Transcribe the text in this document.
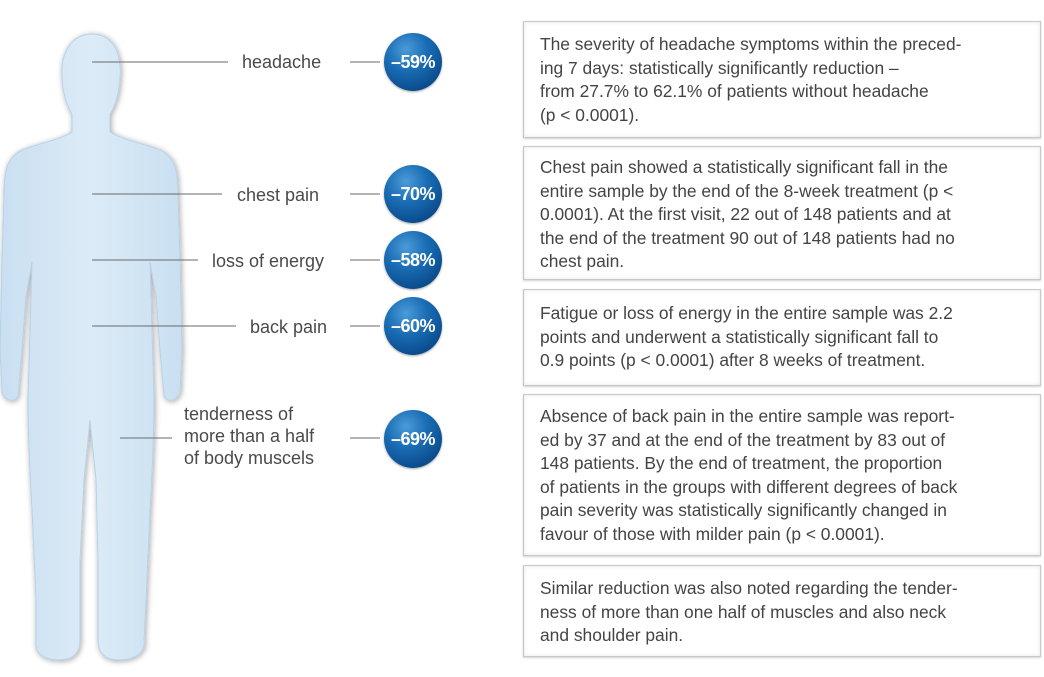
headache
chest pain
loss of energy
back pain
tenderness of
more than a half
of body muscels
–59%
–70%
–58%
–60%
–69%
The severity of headache symptoms within the preced-
ing 7 days: statistically significantly reduction –
from 27.7% to 62.1% of patients without headache
(p < 0.0001).
Chest pain showed a statistically significant fall in the
entire sample by the end of the 8-week treatment (p <
0.0001). At the first visit, 22 out of 148 patients and at
the end of the treatment 90 out of 148 patients had no
chest pain.
Fatigue or loss of energy in the entire sample was 2.2
points and underwent a statistically significant fall to
0.9 points (p < 0.0001) after 8 weeks of treatment.
Absence of back pain in the entire sample was report-
ed by 37 and at the end of the treatment by 83 out of
148 patients. By the end of treatment, the proportion
of patients in the groups with different degrees of back
pain severity was statistically significantly changed in
favour of those with milder pain (p < 0.0001).
Similar reduction was also noted regarding the tender-
ness of more than one half of muscles and also neck
and shoulder pain.
